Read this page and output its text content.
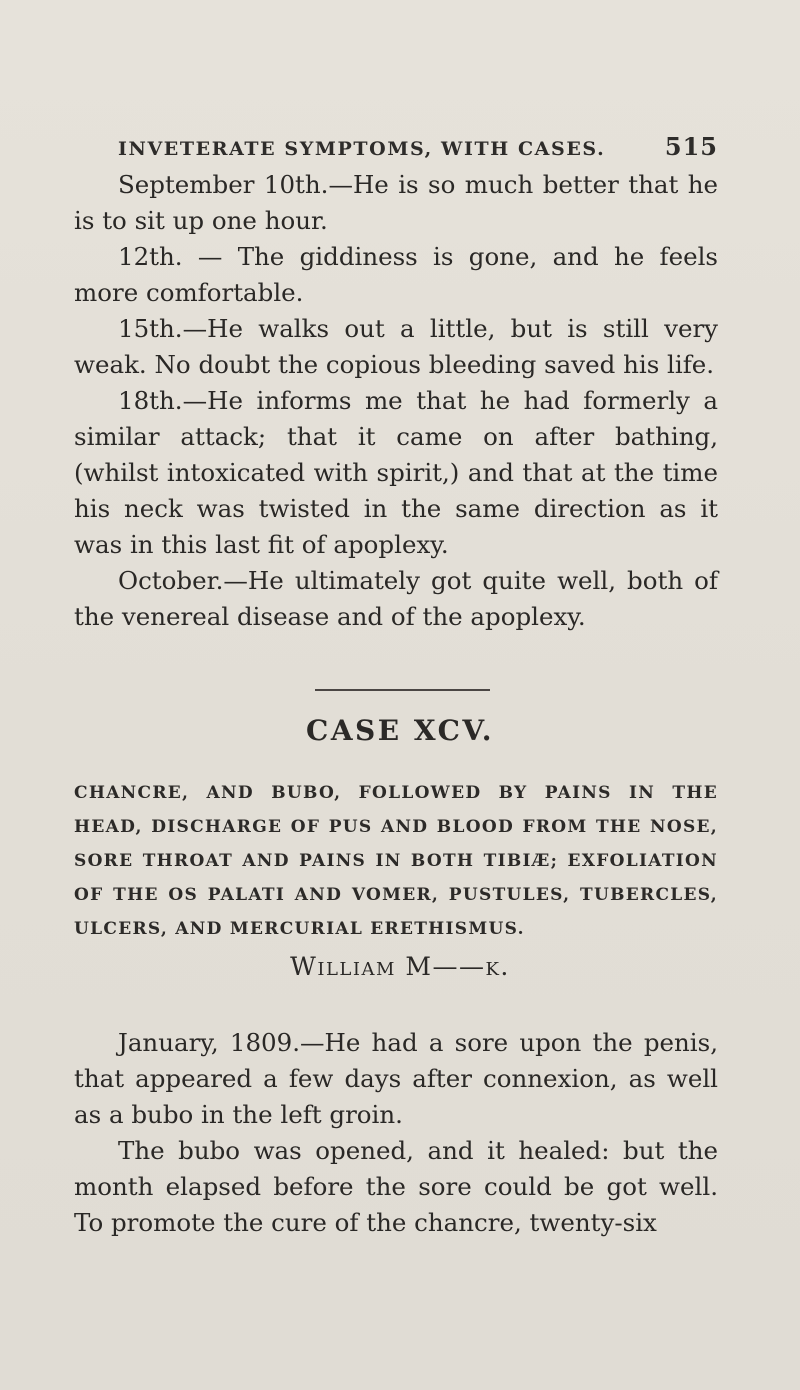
INVETERATE SYMPTOMS, WITH CASES. 515

September 10th.—He is so much better that he is to sit up one hour.

12th. — The giddiness is gone, and he feels more comfortable.

15th.—He walks out a little, but is still very weak. No doubt the copious bleeding saved his life.

18th.—He informs me that he had formerly a similar attack; that it came on after bathing, (whilst intoxicated with spirit,) and that at the time his neck was twisted in the same direction as it was in this last fit of apoplexy.

October.—He ultimately got quite well, both of the venereal disease and of the apoplexy.

CASE XCV.

CHANCRE, AND BUBO, FOLLOWED BY PAINS IN THE HEAD, DISCHARGE OF PUS AND BLOOD FROM THE NOSE, SORE THROAT AND PAINS IN BOTH TIBIÆ; EXFOLIATION OF THE OS PALATI AND VOMER, PUSTULES, TUBERCLES, ULCERS, AND MERCURIAL ERETHISMUS.

William M——k.

January, 1809.—He had a sore upon the penis, that appeared a few days after connexion, as well as a bubo in the left groin.

The bubo was opened, and it healed: but the month elapsed before the sore could be got well. To promote the cure of the chancre, twenty-six
